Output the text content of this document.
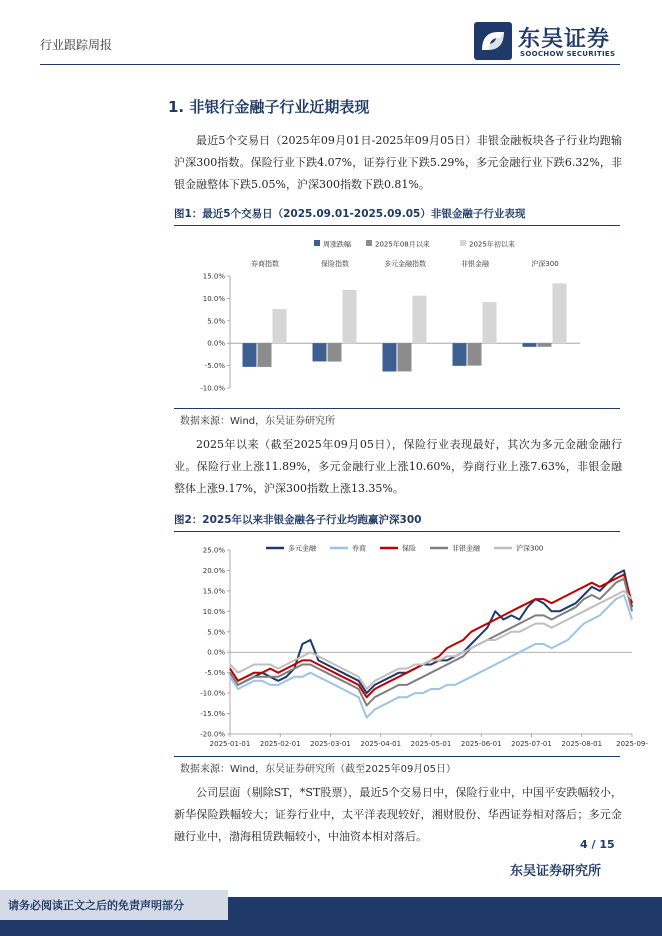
行业跟踪周报	东吴证券
SOOCHOW SECURITIES
1. 非银行金融子行业近期表现

最近5个交易日（2025年09月01日-2025年09月05日）非银金融板块各子行业均跑输沪深300指数。保险行业下跌4.07%，证券行业下跌5.29%，多元金融行业下跌6.32%，非银金融整体下跌5.05%，沪深300指数下跌0.81%。

图1：最近5个交易日（2025.09.01-2025.09.05）非银金融子行业表现
周涨跌幅	2025年08月以来	2025年初以来
15.0%
10.0%
5.0%
0.0%
-5.0%
-10.0%
券商指数	保险指数	多元金融指数	非银金融	沪深300
数据来源：Wind，东吴证券研究所

2025年以来（截至2025年09月05日），保险行业表现最好，其次为多元金融金融行业。保险行业上涨11.89%，多元金融行业上涨10.60%，券商行业上涨7.63%，非银金融整体上涨9.17%，沪深300指数上涨13.35%。

图2：2025年以来非银金融各子行业均跑赢沪深300
多元金融	券商	保险	非银金融	沪深300
25.0%
20.0%
15.0%
10.0%
5.0%
0.0%
-5.0%
-10.0%
-15.0%
-20.0%
2025-01-01 2025-02-01 2025-03-01 2025-04-01 2025-05-01 2025-06-01 2025-07-01 2025-08-01 2025-09-
数据来源：Wind，东吴证券研究所（截至2025年09月05日）

公司层面（剔除ST，*ST股票），最近5个交易日中，保险行业中，中国平安跌幅较小，新华保险跌幅较大；证券行业中，太平洋表现较好，湘财股份、华西证券相对落后；多元金融行业中，渤海租赁跌幅较小，中油资本相对落后。

4 / 15
东吴证券研究所
请务必阅读正文之后的免责声明部分
